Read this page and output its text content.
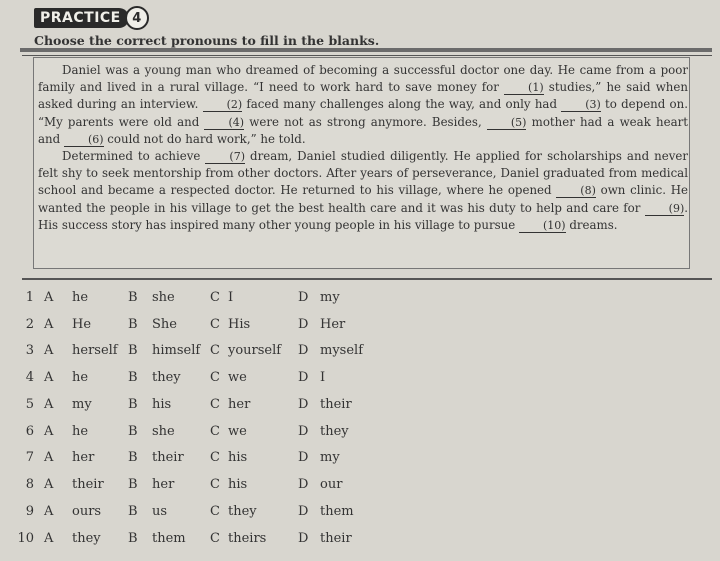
PRACTICE 4
Choose the correct pronouns to fill in the blanks.

Daniel was a young man who dreamed of becoming a successful doctor one day. He came from a poor family and lived in a rural village. “I need to work hard to save money for (1) studies,” he said when asked during an interview. (2) faced many challenges along the way, and only had (3) to depend on. “My parents were old and (4) were not as strong anymore. Besides, (5) mother had a weak heart and (6) could not do hard work,” he told.

Determined to achieve (7) dream, Daniel studied diligently. He applied for scholarships and never felt shy to seek mentorship from other doctors. After years of perseverance, Daniel graduated from medical school and became a respected doctor. He returned to his village, where he opened (8) own clinic. He wanted the people in his village to get the best health care and it was his duty to help and care for (9). His success story has inspired many other young people in his village to pursue (10) dreams.

1 A he	B she	C I	D my
2 A He	B She	C His	D Her
3 A herself B himself C yourself D myself
4 A he	B they C we	D I
5 A my	B his	C her	D their
6 A he	B she	C we	D they
7 A her	B their C his	D my
8 A their B her	C his	D our
9 A ours B us	C they	D them
10 A they B them C theirs D their
